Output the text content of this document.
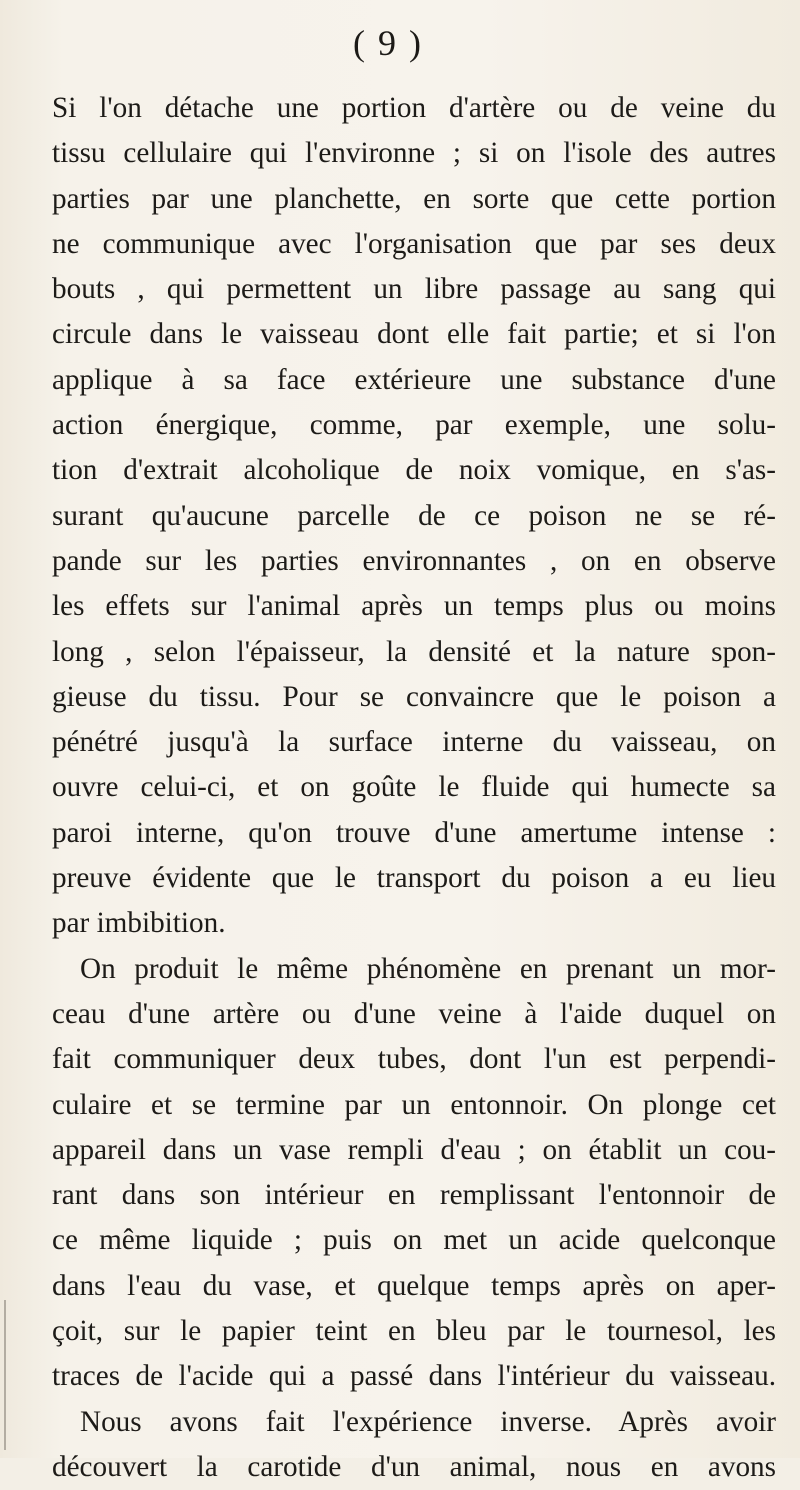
( 9 )
Si l'on détache une portion d'artère ou de veine du
tissu cellulaire qui l'environne ; si on l'isole des autres
parties par une planchette, en sorte que cette portion
ne communique avec l'organisation que par ses deux
bouts , qui permettent un libre passage au sang qui
circule dans le vaisseau dont elle fait partie; et si l'on
applique à sa face extérieure une substance d'une
action énergique, comme, par exemple, une solu-
tion d'extrait alcoholique de noix vomique, en s'as-
surant qu'aucune parcelle de ce poison ne se ré-
pande sur les parties environnantes , on en observe
les effets sur l'animal après un temps plus ou moins
long , selon l'épaisseur, la densité et la nature spon-
gieuse du tissu. Pour se convaincre que le poison a
pénétré jusqu'à la surface interne du vaisseau, on
ouvre celui-ci, et on goûte le fluide qui humecte sa
paroi interne, qu'on trouve d'une amertume intense :
preuve évidente que le transport du poison a eu lieu
par imbibition.
On produit le même phénomène en prenant un mor-
ceau d'une artère ou d'une veine à l'aide duquel on
fait communiquer deux tubes, dont l'un est perpendi-
culaire et se termine par un entonnoir. On plonge cet
appareil dans un vase rempli d'eau ; on établit un cou-
rant dans son intérieur en remplissant l'entonnoir de
ce même liquide ; puis on met un acide quelconque
dans l'eau du vase, et quelque temps après on aper-
çoit, sur le papier teint en bleu par le tournesol, les
traces de l'acide qui a passé dans l'intérieur du vaisseau.
Nous avons fait l'expérience inverse. Après avoir
découvert la carotide d'un animal, nous en avons
